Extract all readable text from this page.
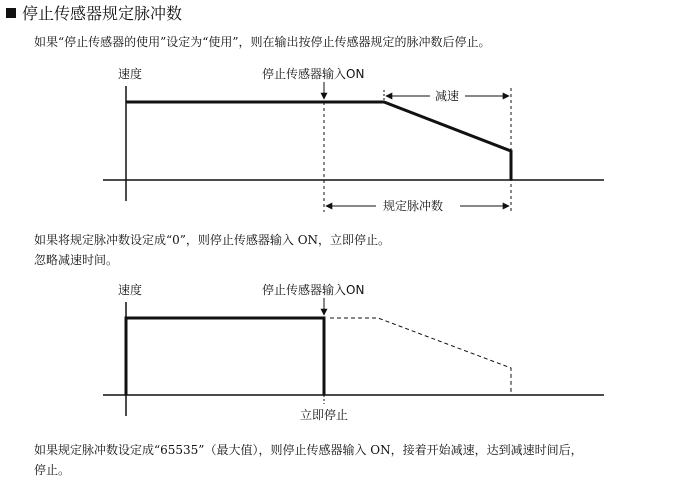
停止传感器规定脉冲数
如果“停止传感器的使用”设定为“使用”，则在输出按停止传感器规定的脉冲数后停止。
速度	停止传感器输入ON
减速
规定脉冲数
如果将规定脉冲数设定成“0”，则停止传感器输入 ON，立即停止。
忽略减速时间。
速度	停止传感器输入ON
立即停止
如果规定脉冲数设定成“65535”（最大值），则停止传感器输入 ON，接着开始减速，达到减速时间后，
停止。
